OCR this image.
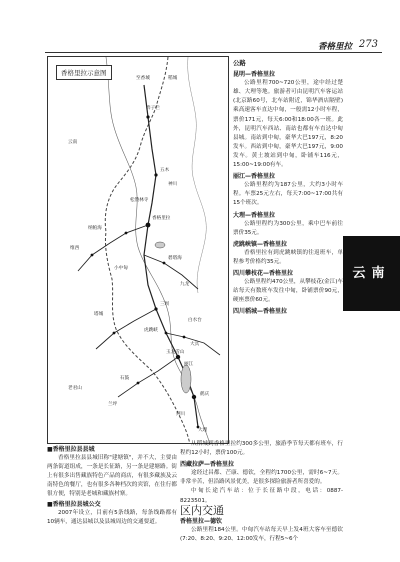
香格里拉 273
香格里拉示意图
至香城	稻城
奔子栏
云南
五木
神川
松赞林寺
香格里拉
纳帕海
维西
碧塔海
小中甸
九龙
三坝
塔城
白水台
虎跳峡
大具
玉龙雪山
丽江
石鼓
老君山
鹤庆
兰坪
剑川
大理
公路
昆明—香格里拉

公路里程700~720公里，途中经过楚雄、大理等地。旅游者可由昆明汽车客运站(北京路60号，北车站附近，锦华酒店隔壁)乘高速客车直达中甸，一般需12小时车程，票价171元，每天6:00和18:00各一班。此外，昆明汽车西站、南站也都有车直达中甸县城。南站到中甸，豪华大巴197元，8:20发车。西站到中甸，豪华大巴197元，9:00发车。黄土坡站到中甸，卧铺车116元，15:00~19:00有车。

丽江—香格里拉

公路里程约为187公里，大约3小时车程。车票25元左右，每天7:00~17:00共有15个班次。

大理—香格里拉

公路里程约为300公里，乘中巴车前往票价35元。

虎跳峡镇—香格里拉

香格里拉有到虎跳峡镇的往返班车，单程参考价格约35元。

四川攀枝花—香格里拉

公路里程约470公里，从攀枝花(金江)车站每天有数班车发往中甸，卧铺票价90元，硬座票价60元。

四川稻城—香格里拉

从稻城到香格里拉约300多公里，旅游季节每天都有班车，行程约12小时，票价100元。

西藏拉萨—香格里拉

途经过昌都、芒康、德钦，全程约1700公里，需时6~7天。非常辛苦，但沿路风景优美，是很多探险旅游者所喜爱的。

中甸长途汽车站：位于长征路中段，电话：0887-8223501。

区内交通
香格里拉—德钦

公路里程184公里。中甸汽车站每天早上发4班大客车至德钦(7:20、8:20、9:20、12:00发车，行程5~6个

■香格里拉县县城

香格里拉县县城旧称"建塘镇"，并不大，主要由两条街道组成，一条是长征路，另一条是建塘路。街上有很多出售藏族特色产品的商店，有很多藏族及云南特色的餐厅，也有很多各种档次的宾馆，在住行都很方便，特别是老城和藏族村寨。

■香格里拉县城公交

2007年设立，目前有5条线路，每条线路都有10辆车，通达县城以及县城周边的交通要道。

云南
